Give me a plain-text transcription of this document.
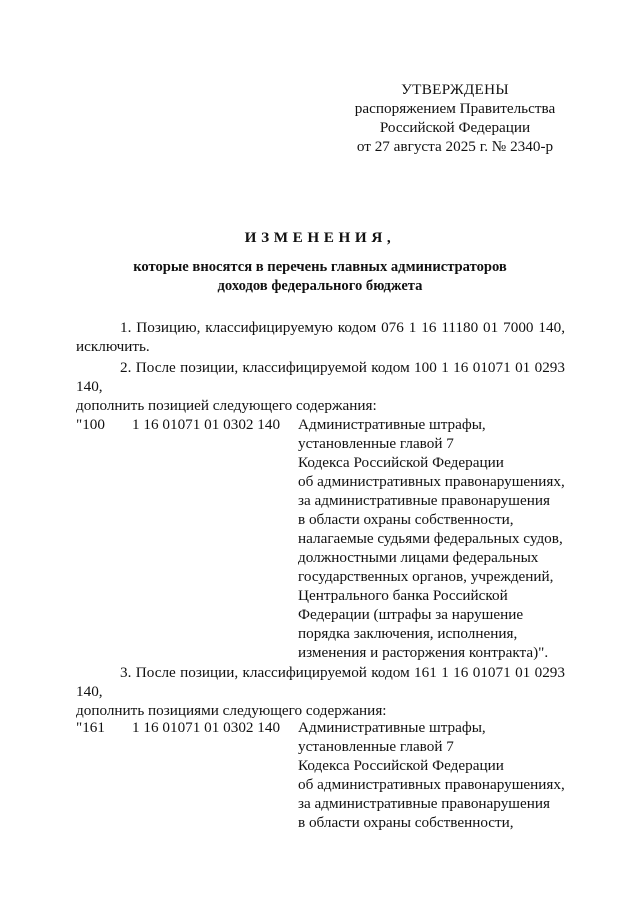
УТВЕРЖДЕНЫ
распоряжением Правительства
Российской Федерации
от 27 августа 2025 г. № 2340-р
ИЗМЕНЕНИЯ,
которые вносятся в перечень главных администраторов
доходов федерального бюджета
1. Позицию, классифицируемую кодом 076 1 16 11180 01 7000 140,
исключить.
2. После позиции, классифицируемой кодом 100 1 16 01071 01 0293 140,
дополнить позицией следующего содержания:
"100 1 16 01071 01 0302 140 Административные штрафы,
установленные главой 7
Кодекса Российской Федерации
об административных правонарушениях,
за административные правонарушения
в области охраны собственности,
налагаемые судьями федеральных судов,
должностными лицами федеральных
государственных органов, учреждений,
Центрального банка Российской
Федерации (штрафы за нарушение
порядка заключения, исполнения,
изменения и расторжения контракта)".
3. После позиции, классифицируемой кодом 161 1 16 01071 01 0293 140,
дополнить позициями следующего содержания:
"161 1 16 01071 01 0302 140 Административные штрафы,
установленные главой 7
Кодекса Российской Федерации
об административных правонарушениях,
за административные правонарушения
в области охраны собственности,
